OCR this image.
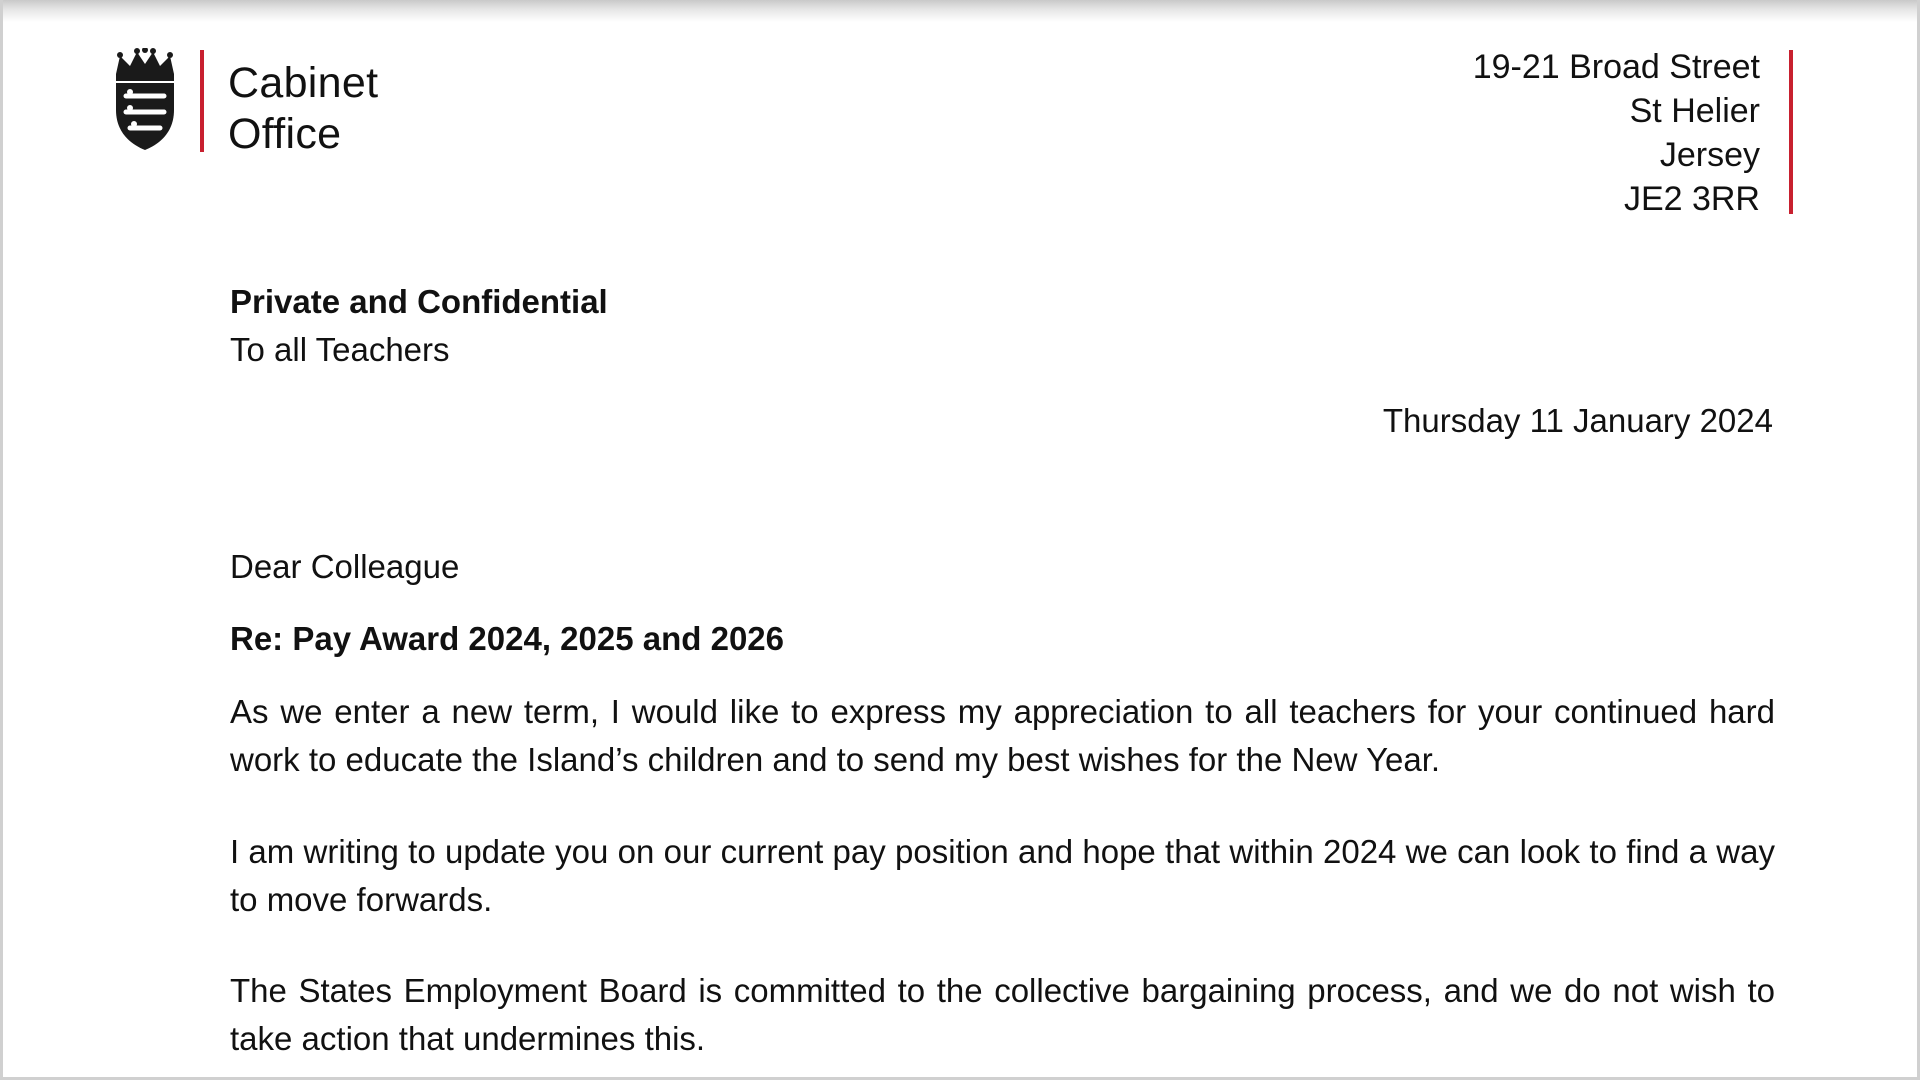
Cabinet
Office
19-21 Broad Street
St Helier
Jersey
JE2 3RR
Private and Confidential
To all Teachers
Thursday 11 January 2024
Dear Colleague
Re: Pay Award 2024, 2025 and 2026
As we enter a new term, I would like to express my appreciation to all teachers for your continued hard work to educate the Island’s children and to send my best wishes for the New Year.
I am writing to update you on our current pay position and hope that within 2024 we can look to find a way to move forwards.
The States Employment Board is committed to the collective bargaining process, and we do not wish to take action that undermines this.
